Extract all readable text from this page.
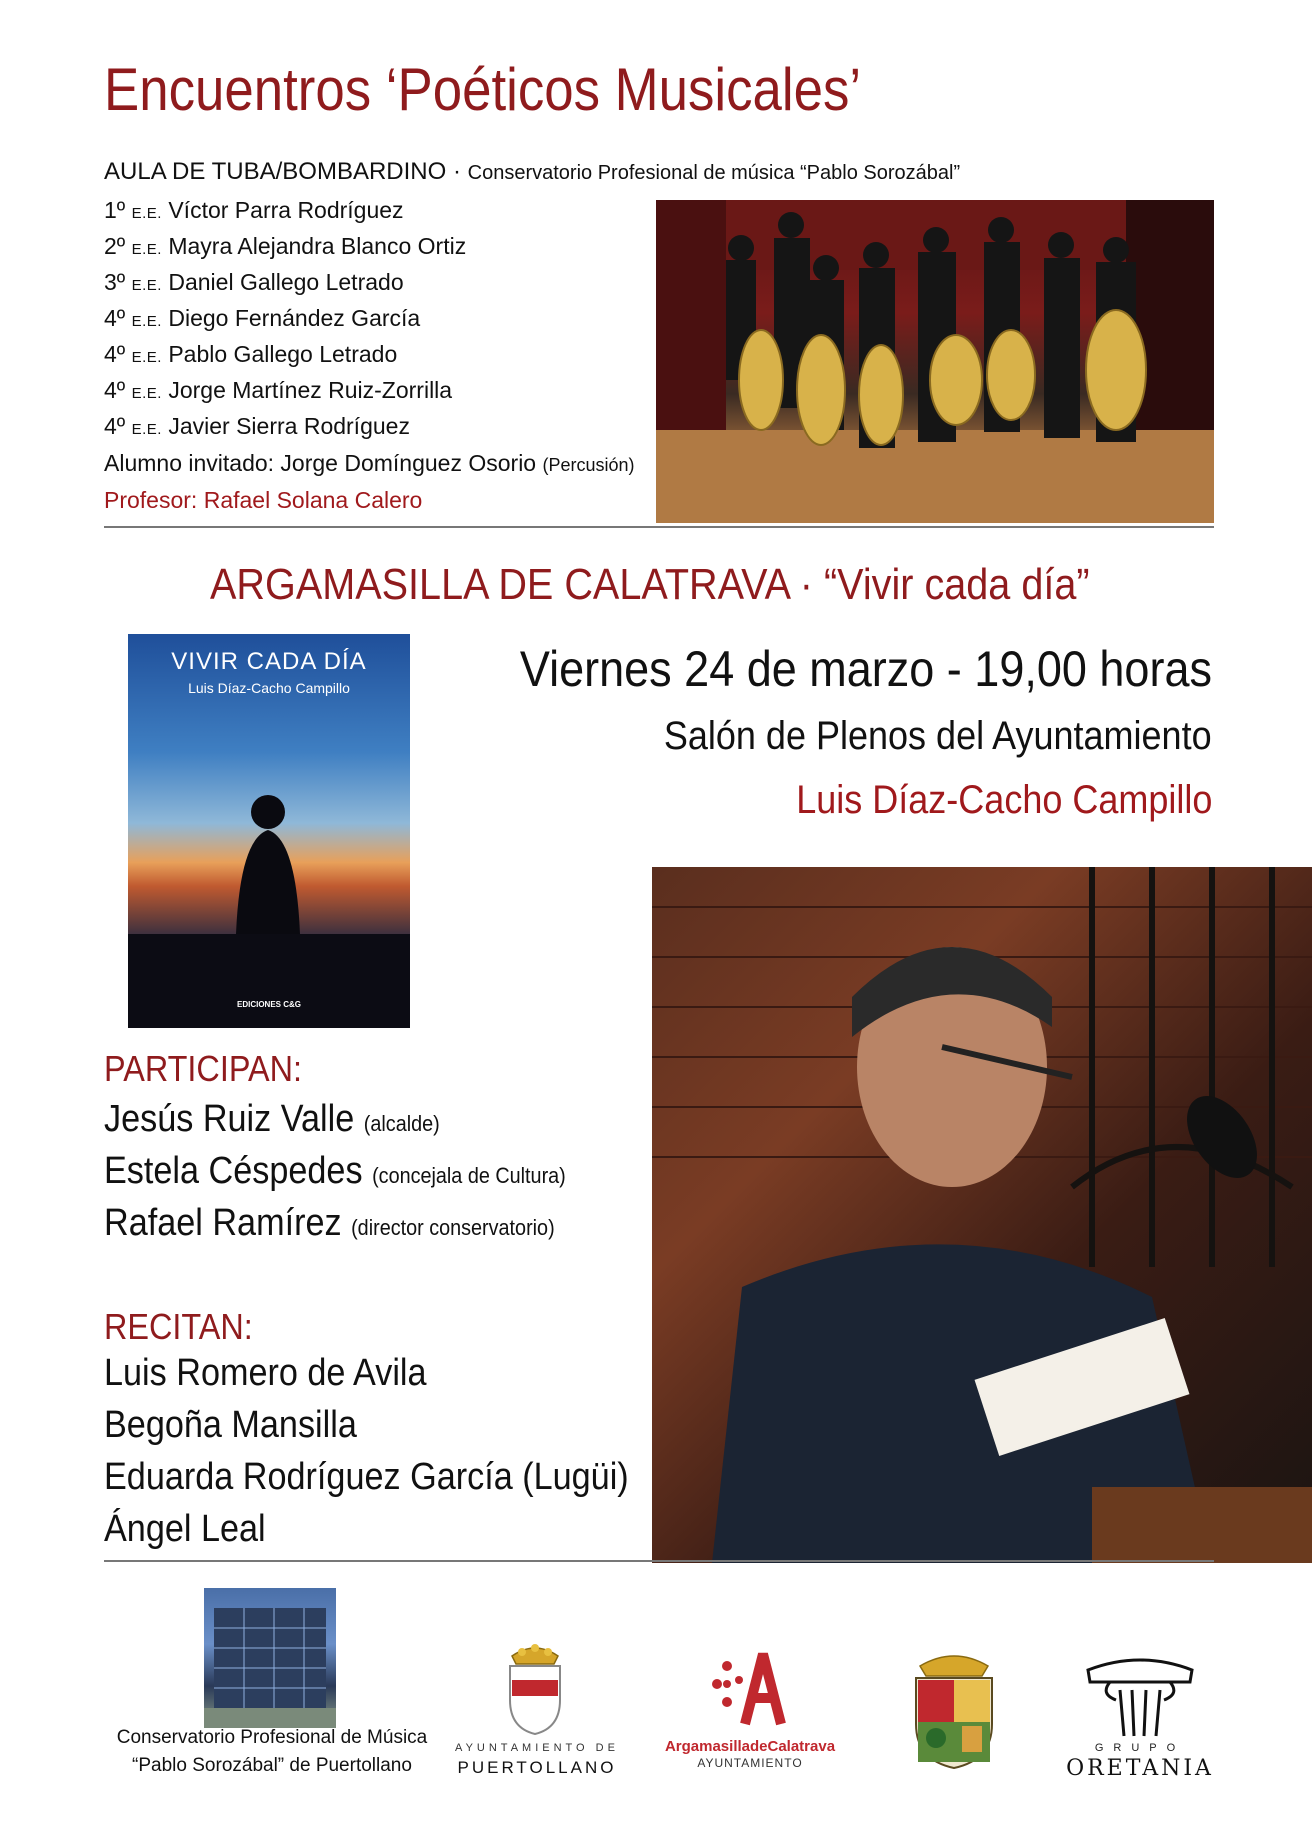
Encuentros ‘Poéticos Musicales’
AULA DE TUBA/BOMBARDINO · Conservatorio Profesional de música “Pablo Sorozábal”
1º E.E. Víctor Parra Rodríguez
2º E.E. Mayra Alejandra Blanco Ortiz
3º E.E. Daniel Gallego Letrado
4º E.E. Diego Fernández García
4º E.E. Pablo Gallego Letrado
4º E.E. Jorge Martínez Ruiz-Zorrilla
4º E.E. Javier Sierra Rodríguez
Alumno invitado: Jorge Domínguez Osorio (Percusión)
Profesor: Rafael Solana Calero
ARGAMASILLA DE CALATRAVA · “Vivir cada día”
VIVIR CADA DÍA
Luis Díaz-Cacho Campillo
EDICIONES C&G
Viernes 24 de marzo - 19,00 horas
Salón de Plenos del Ayuntamiento
Luis Díaz-Cacho Campillo
PARTICIPAN:
Jesús Ruiz Valle (alcalde)
Estela Céspedes (concejala de Cultura)
Rafael Ramírez (director conservatorio)
RECITAN:
Luis Romero de Avila
Begoña Mansilla
Eduarda Rodríguez García (Lugüi)
Ángel Leal
Conservatorio Profesional de Música
“Pablo Sorozábal” de Puertollano
AYUNTAMIENTO DE
PUERTOLLANO
ArgamasilladeCalatrava
AYUNTAMIENTO
GRUPO
ORETANIA
